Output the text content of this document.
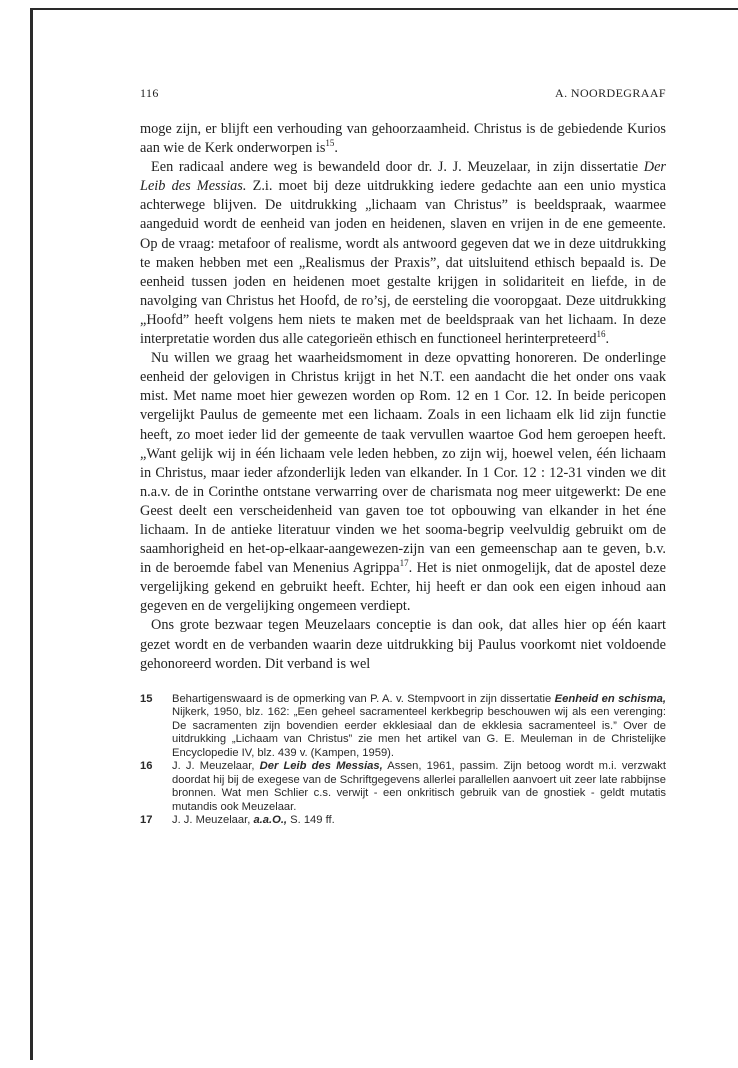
116	A. NOORDEGRAAF

moge zijn, er blijft een verhouding van gehoorzaamheid. Christus is de gebiedende Kurios aan wie de Kerk onderworpen $is^{15}$.

Een radicaal andere weg is bewandeld door dr. J. J. Meuzelaar, in zijn dissertatie Der Leib des Messias. Z.i. moet bij deze uitdrukking iedere gedachte aan een unio mystica achterwege blijven. De uitdrukking „lichaam van Christus” is beeldspraak, waarmee aangeduid wordt de eenheid van joden en heidenen, slaven en vrijen in de ene gemeente. Op de vraag: metafoor of realisme, wordt als antwoord gegeven dat we in deze uitdrukking te maken hebben met een „Realismus der Praxis”, dat uitsluitend ethisch bepaald is. De eenheid tussen joden en heidenen moet gestalte krijgen in solidariteit en liefde, in de navolging van Christus het Hoofd, de ro’sj, de eersteling die vooropgaat. Deze uitdrukking „Hoofd” heeft volgens hem niets te maken met de beeldspraak van het lichaam. In deze interpretatie worden dus alle categorieën ethisch en functioneel herinterpreteerd$^{16}$.

Nu willen we graag het waarheidsmoment in deze opvatting honoreren. De onderlinge eenheid der gelovigen in Christus krijgt in het N.T. een aandacht die het onder ons vaak mist. Met name moet hier gewezen worden op Rom. 12 en 1 Cor. 12. In beide pericopen vergelijkt Paulus de gemeente met een lichaam. Zoals in een lichaam elk lid zijn functie heeft, zo moet ieder lid der gemeente de taak vervullen waartoe God hem geroepen heeft. „Want gelijk wij in één lichaam vele leden hebben, zo zijn wij, hoewel velen, één lichaam in Christus, maar ieder afzonderlijk leden van elkander. In 1 Cor. 12 : 12-31 vinden we dit n.a.v. de in Corinthe ontstane verwarring over de charismata nog meer uitgewerkt: De ene Geest deelt een verscheidenheid van gaven toe tot opbouwing van elkander in het éne lichaam. In de antieke literatuur vinden we het sooma-begrip veelvuldig gebruikt om de saamhorigheid en het-op-elkaar-aangewezen-zijn van een gemeenschap aan te geven, b.v. in de beroemde fabel van Menenius Agrippa$^{17}$. Het is niet onmogelijk, dat de apostel deze vergelijking gekend en gebruikt heeft. Echter, hij heeft er dan ook een eigen inhoud aan gegeven en de vergelijking ongemeen verdiept.

Ons grote bezwaar tegen Meuzelaars conceptie is dan ook, dat alles hier op één kaart gezet wordt en de verbanden waarin deze uitdrukking bij Paulus voorkomt niet voldoende gehonoreerd worden. Dit verband is wel

15	Behartigenswaard is de opmerking van P. A. v. Stempvoort in zijn dissertatie Eenheid en schisma, Nijkerk, 1950, blz. 162: „Een geheel sacramenteel kerkbegrip beschouwen wij als een verenging: De sacramenten zijn bovendien eerder ekklesiaal dan de ekklesia sacramenteel is.” Over de uitdrukking „Lichaam van Christus” zie men het artikel van G. E. Meuleman in de Christelijke Encyclopedie IV, blz. 439 v. (Kampen, 1959).
16	J. J. Meuzelaar, Der Leib des Messias, Assen, 1961, passim. Zijn betoog wordt m.i. verzwakt doordat hij bij de exegese van de Schriftgegevens allerlei parallellen aanvoert uit zeer late rabbijnse bronnen. Wat men Schlier c.s. verwijt - een onkritisch gebruik van de gnostiek - geldt mutatis mutandis ook Meuzelaar.
17	J. J. Meuzelaar, a.a.O., S. 149 ff.
